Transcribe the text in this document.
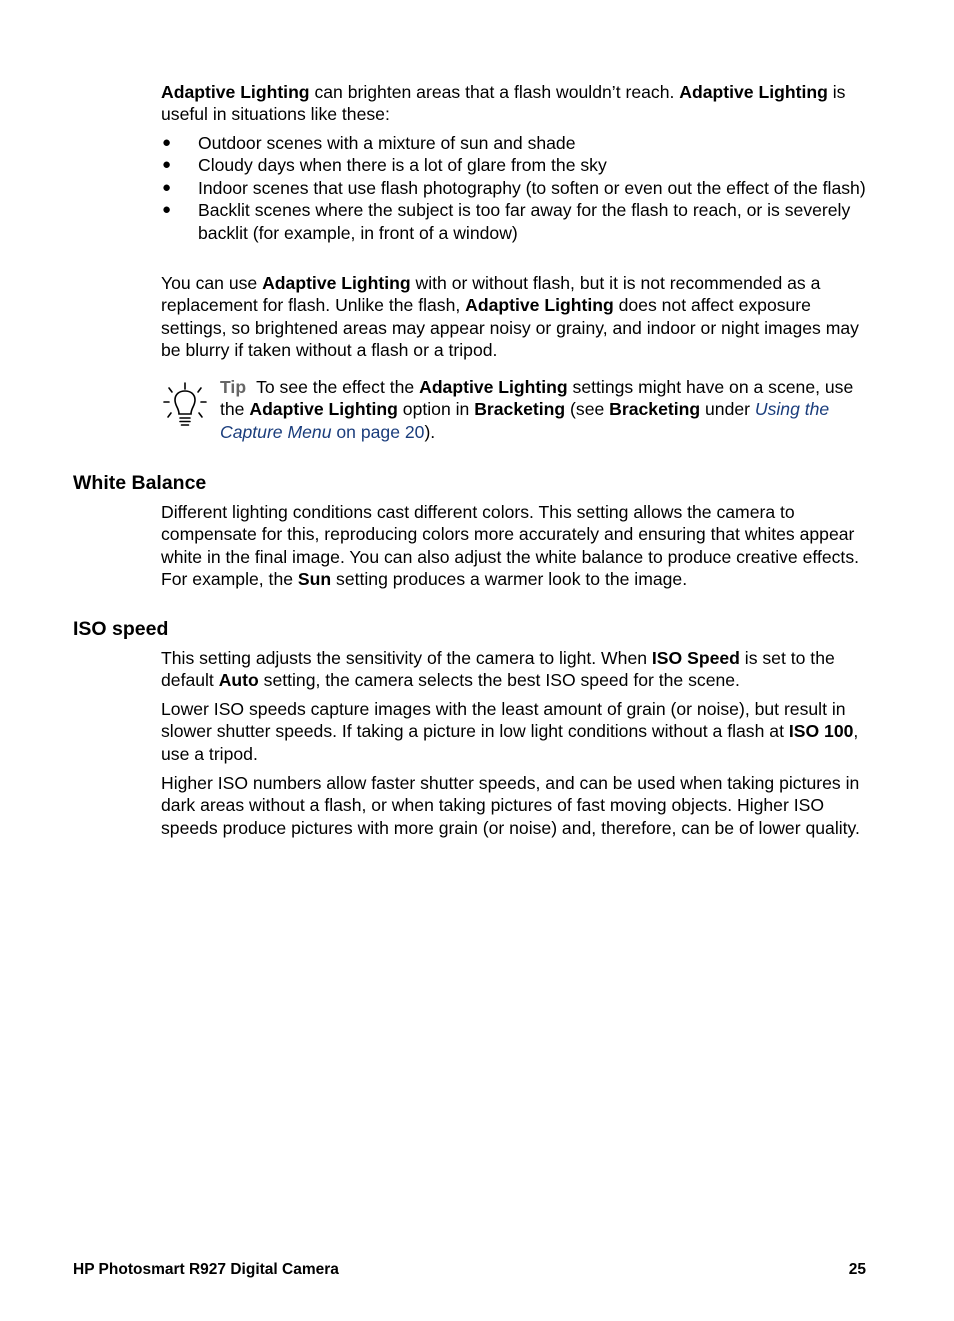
Adaptive Lighting can brighten areas that a flash wouldn’t reach. Adaptive Lighting is useful in situations like these:

● Outdoor scenes with a mixture of sun and shade
● Cloudy days when there is a lot of glare from the sky
● Indoor scenes that use flash photography (to soften or even out the effect of the flash)
● Backlit scenes where the subject is too far away for the flash to reach, or is severely backlit (for example, in front of a window)

You can use Adaptive Lighting with or without flash, but it is not recommended as a replacement for flash. Unlike the flash, Adaptive Lighting does not affect exposure settings, so brightened areas may appear noisy or grainy, and indoor or night images may be blurry if taken without a flash or a tripod.

Tip To see the effect the Adaptive Lighting settings might have on a scene, use the Adaptive Lighting option in Bracketing (see Bracketing under Using the Capture Menu on page 20).

White Balance

Different lighting conditions cast different colors. This setting allows the camera to compensate for this, reproducing colors more accurately and ensuring that whites appear white in the final image. You can also adjust the white balance to produce creative effects. For example, the Sun setting produces a warmer look to the image.

ISO speed

This setting adjusts the sensitivity of the camera to light. When ISO Speed is set to the default Auto setting, the camera selects the best ISO speed for the scene.

Lower ISO speeds capture images with the least amount of grain (or noise), but result in slower shutter speeds. If taking a picture in low light conditions without a flash at ISO 100, use a tripod.

Higher ISO numbers allow faster shutter speeds, and can be used when taking pictures in dark areas without a flash, or when taking pictures of fast moving objects. Higher ISO speeds produce pictures with more grain (or noise) and, therefore, can be of lower quality.

HP Photosmart R927 Digital Camera	25
